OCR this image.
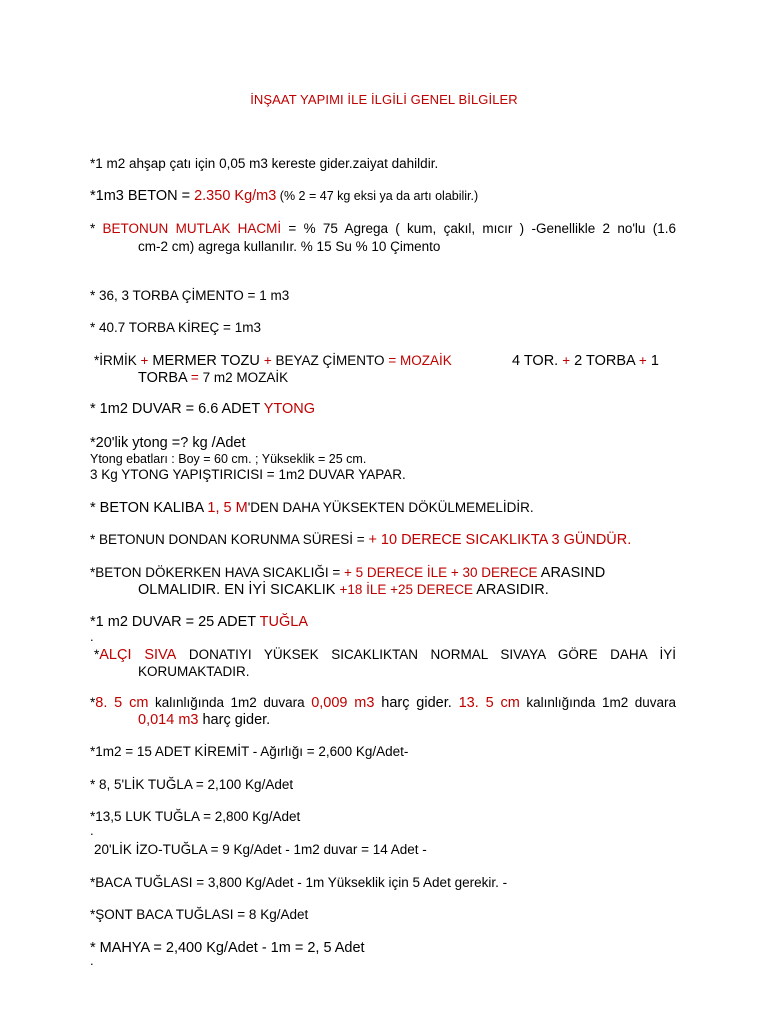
İNŞAAT YAPIMI İLE İLGİLİ GENEL BİLGİLER
*1 m2 ahşap çatı için 0,05 m3 kereste gider.zaiyat dahildir.
*1m3 BETON = 2.350 Kg/m3 (% 2 = 47 kg eksi ya da artı olabilir.)
* BETONUN MUTLAK HACMİ = % 75 Agrega ( kum, çakıl, mıcır ) -Genellikle 2 no'lu (1.6
cm-2 cm) agrega kullanılır. % 15 Su % 10 Çimento
* 36, 3 TORBA ÇİMENTO = 1 m3
* 40.7 TORBA KİREÇ = 1m3
*İRMİK + MERMER TOZU + BEYAZ ÇİMENTO = MOZAİK	4 TOR. + 2 TORBA + 1
TORBA = 7 m2 MOZAİK
* 1m2 DUVAR = 6.6 ADET YTONG
*20'lik ytong =? kg /Adet
Ytong ebatları : Boy = 60 cm. ; Yükseklik = 25 cm.
3 Kg YTONG YAPIŞTIRICISI = 1m2 DUVAR YAPAR.
* BETON KALIBA 1, 5 M'DEN DAHA YÜKSEKTEN DÖKÜLMEMELİDİR.
* BETONUN DONDAN KORUNMA SÜRESİ = + 10 DERECE SICAKLIKTA 3 GÜNDÜR.
*BETON DÖKERKEN HAVA SICAKLIĞI = + 5 DERECE İLE + 30 DERECE ARASIND
OLMALIDIR. EN İYİ SICAKLIK +18 İLE +25 DERECE ARASIDIR.
*1 m2 DUVAR = 25 ADET TUĞLA
.
*ALÇI SIVA DONATIYI YÜKSEK SICAKLIKTAN NORMAL SIVAYA GÖRE DAHA İYİ
KORUMAKTADIR.
*8. 5 cm kalınlığında 1m2 duvara 0,009 m3 harç gider. 13. 5 cm kalınlığında 1m2 duvara
0,014 m3 harç gider.
*1m2 = 15 ADET KİREMİT - Ağırlığı = 2,600 Kg/Adet-
* 8, 5'LİK TUĞLA = 2,100 Kg/Adet
*13,5 LUK TUĞLA = 2,800 Kg/Adet
.
20'LİK İZO-TUĞLA = 9 Kg/Adet - 1m2 duvar = 14 Adet -
*BACA TUĞLASI = 3,800 Kg/Adet - 1m Yükseklik için 5 Adet gerekir. -
*ŞONT BACA TUĞLASI = 8 Kg/Adet
* MAHYA = 2,400 Kg/Adet - 1m = 2, 5 Adet
.
